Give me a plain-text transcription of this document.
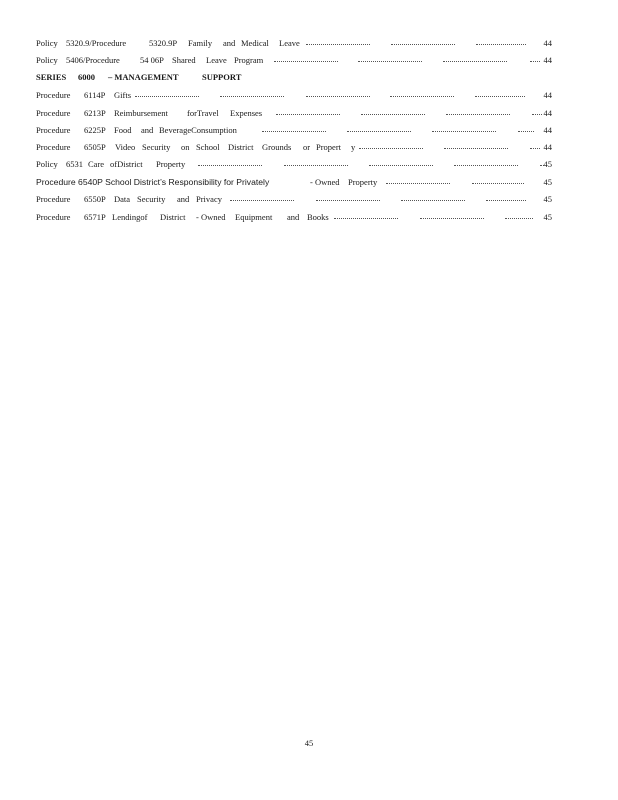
Policy 5320.9/Procedure	5320.9P Family and Medical Leave	44
Policy 5406/Procedure 54 06P Shared Leave Program	44
SERIES 6000 – MANAGEMENT	SUPPORT
Procedure 6114P Gifts	44
Procedure 6213P Reimbursement forTravel Expenses	44
Procedure 6225P Food and BeverageConsumption	44
Procedure 6505P Video Security on School District Grounds or Propert y	44
Policy 6531 Care ofDistrict Property	45
Procedure 6540P School District’s Responsibility for Privately	- Owned Property	45
Procedure 6550P Data Security and Privacy	45
Procedure 6571P Lendingof District - Owned Equipment and Books	45
45
